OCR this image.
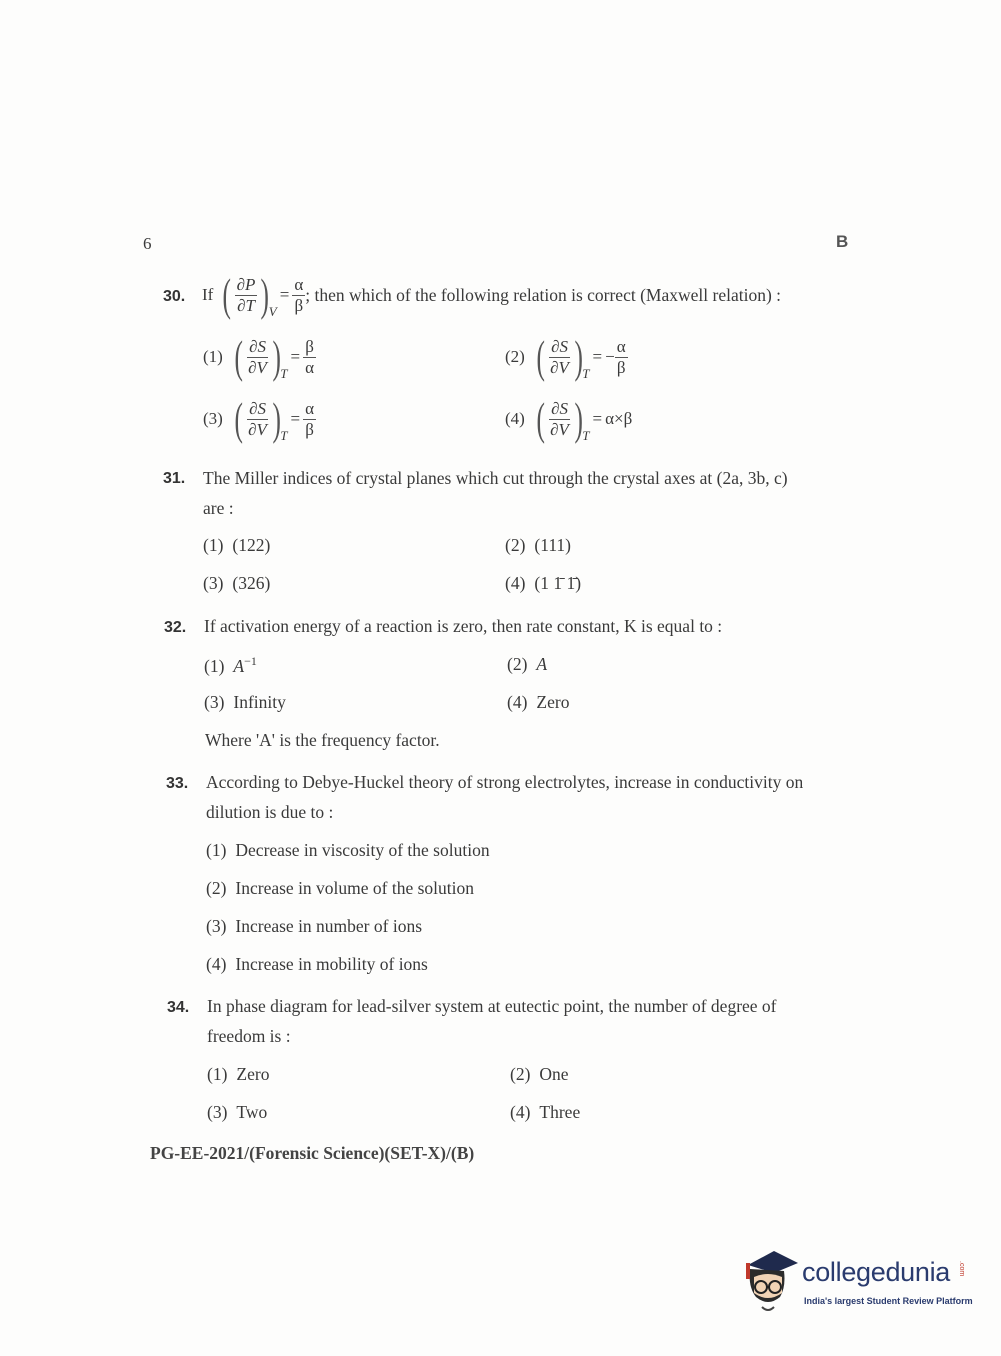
6	B
30. If ( $\frac{\partial P}{\partial T}$ ) V
= $\frac{\alpha}{\beta}$ ; then which of the following relation is correct (Maxwell relation) :
(1) ( $\frac{\partial S}{\partial V}$ ) T
= $\frac{\beta}{\alpha}$	(2) ( $\frac{\partial S}{\partial V}$ ) T
= − $\frac{\alpha}{\beta}$
(3) ( $\frac{\partial S}{\partial V}$ ) T
= $\frac{\alpha}{\beta}$	(4) ( $\frac{\partial S}{\partial V}$ ) T
= α×β
31. The Miller indices of crystal planes which cut through the crystal axes at (2a, 3b, c)
are :
(1) (122)	(2) (111)
(3) (326)	(4) (1 1̄ 1̄)
32. If activation energy of a reaction is zero, then rate constant, K is equal to :
(1) $A^{-1}$	(2) A
(3) Infinity	(4) Zero
Where 'A' is the frequency factor.
33. According to Debye-Huckel theory of strong electrolytes, increase in conductivity on
dilution is due to :
(1) Decrease in viscosity of the solution
(2) Increase in volume of the solution
(3) Increase in number of ions
(4) Increase in mobility of ions
34. In phase diagram for lead-silver system at eutectic point, the number of degree of
freedom is :
(1) Zero	(2) One
(3) Two	(4) Three
PG-EE-2021/(Forensic Science)(SET-X)/(B)
collegedunia .com
India's largest Student Review Platform
